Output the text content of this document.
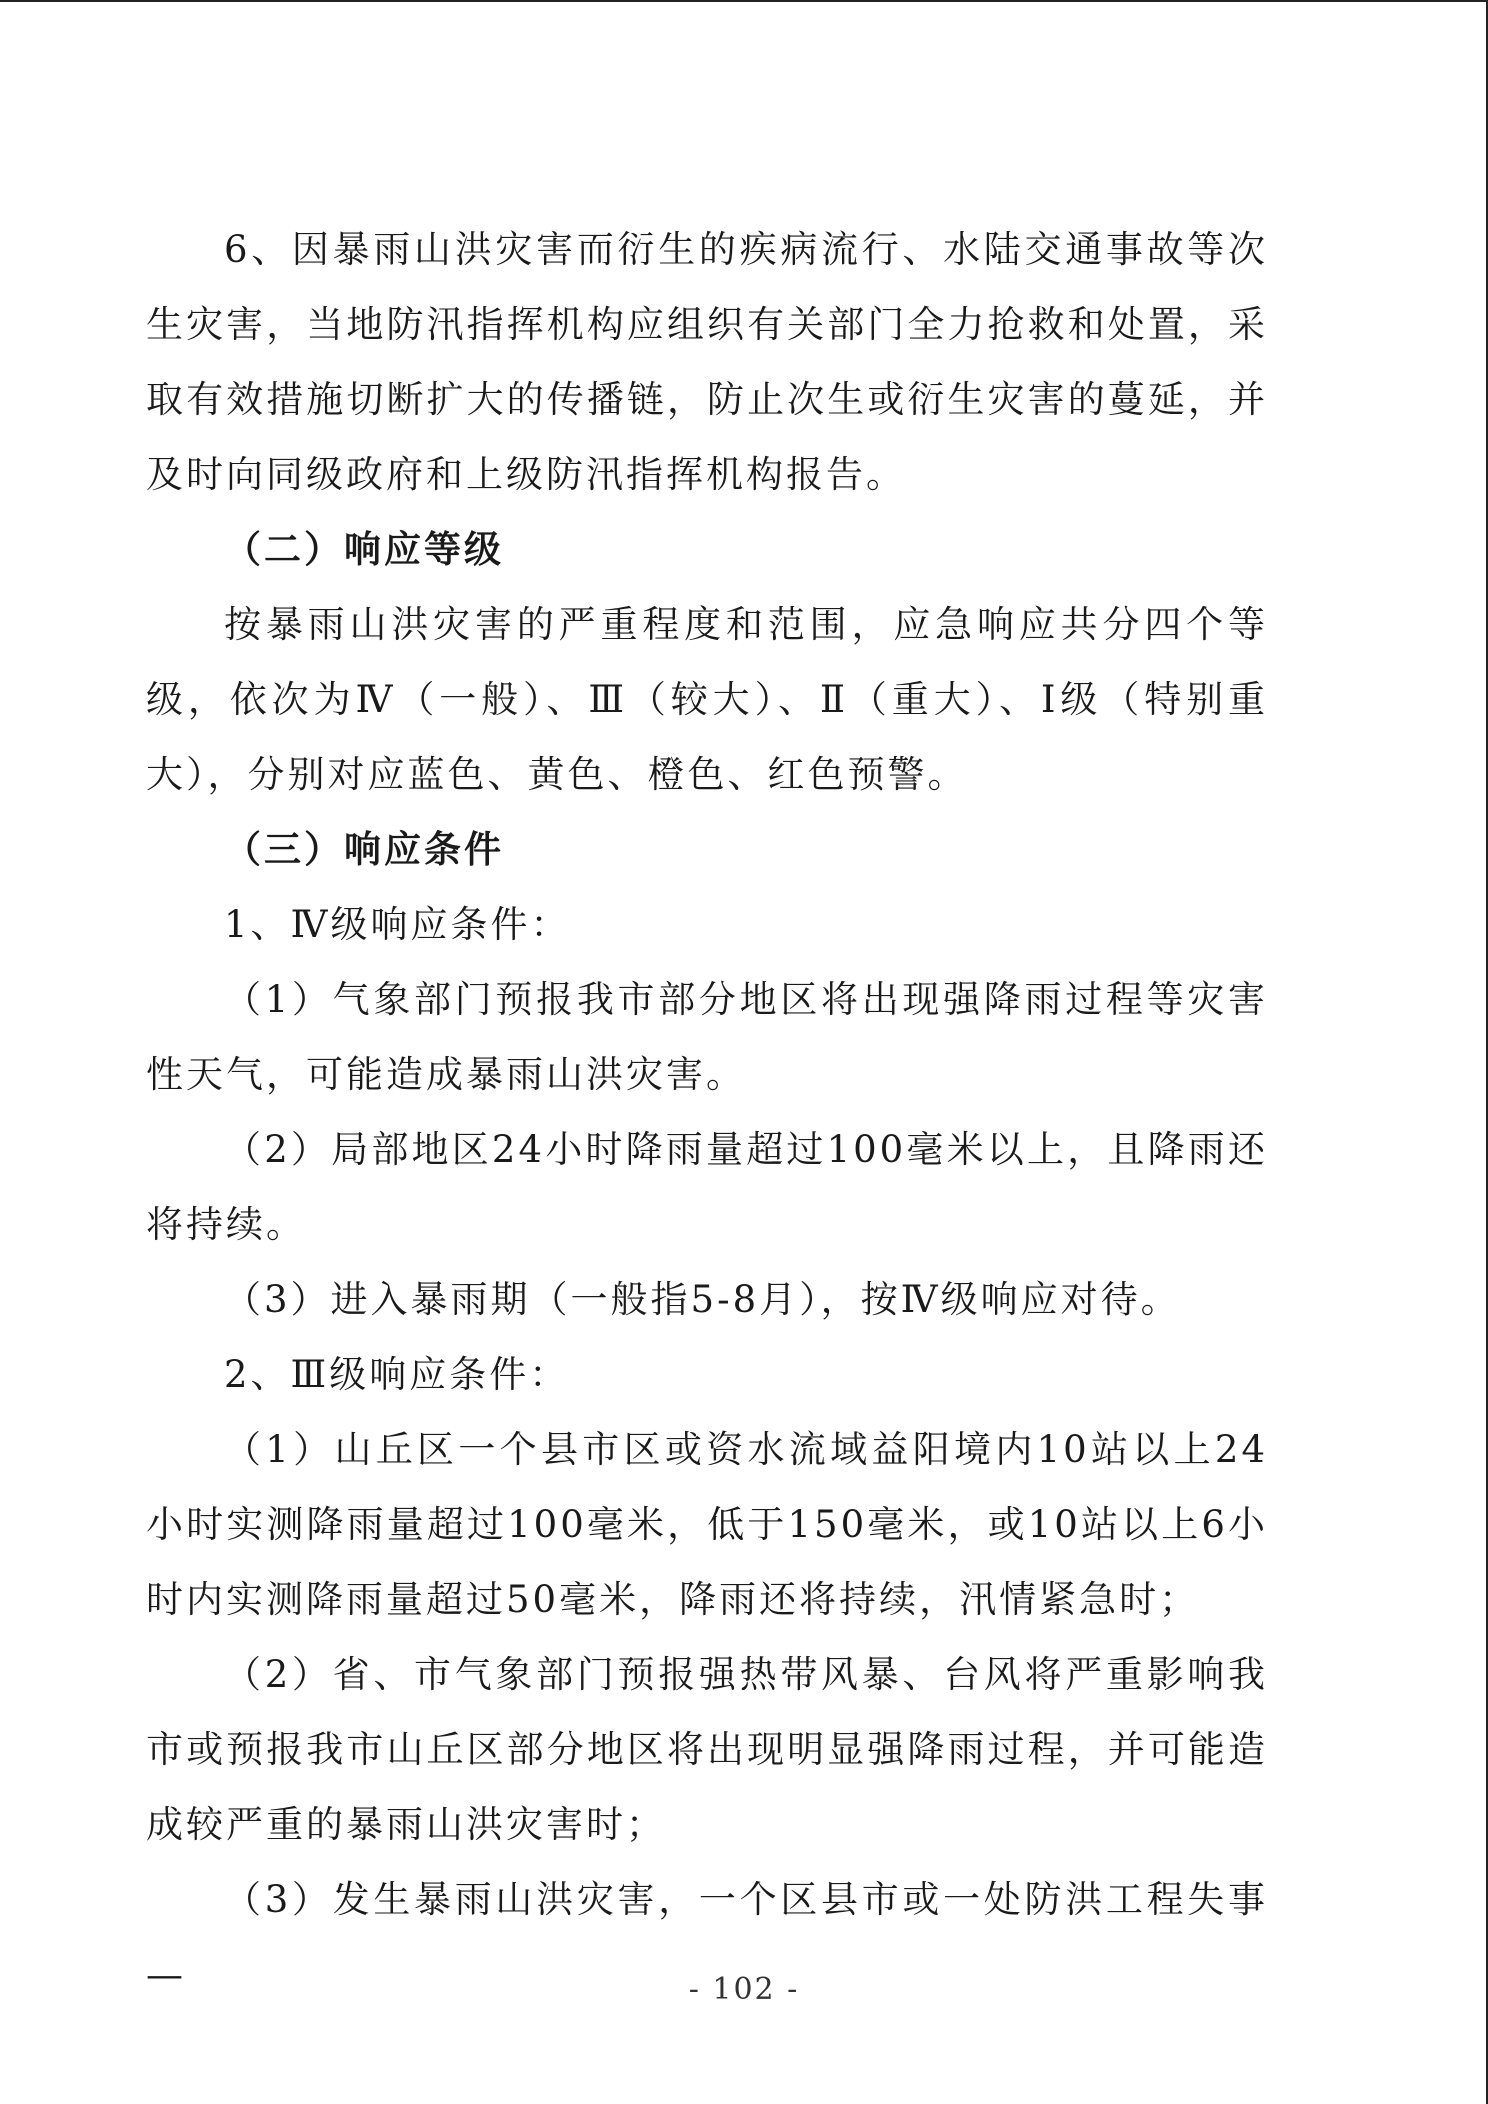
6、因暴雨山洪灾害而衍生的疾病流行、水陆交通事故等次生灾害，当地防汛指挥机构应组织有关部门全力抢救和处置，采取有效措施切断扩大的传播链，防止次生或衍生灾害的蔓延，并及时向同级政府和上级防汛指挥机构报告。

（二）响应等级

按暴雨山洪灾害的严重程度和范围，应急响应共分四个等级，依次为Ⅳ（一般）、Ⅲ（较大）、Ⅱ（重大）、Ⅰ级（特别重大），分别对应蓝色、黄色、橙色、红色预警。

（三）响应条件

1、Ⅳ级响应条件：

（1）气象部门预报我市部分地区将出现强降雨过程等灾害性天气，可能造成暴雨山洪灾害。

（2）局部地区24小时降雨量超过100毫米以上，且降雨还将持续。

（3）进入暴雨期（一般指5-8月），按Ⅳ级响应对待。

2、Ⅲ级响应条件：

（1）山丘区一个县市区或资水流域益阳境内10站以上24小时实测降雨量超过100毫米，低于150毫米，或10站以上6小时内实测降雨量超过50毫米，降雨还将持续，汛情紧急时；

（2）省、市气象部门预报强热带风暴、台风将严重影响我市或预报我市山丘区部分地区将出现明显强降雨过程，并可能造成较严重的暴雨山洪灾害时；

（3）发生暴雨山洪灾害，一个区县市或一处防洪工程失事—	- 102 -
